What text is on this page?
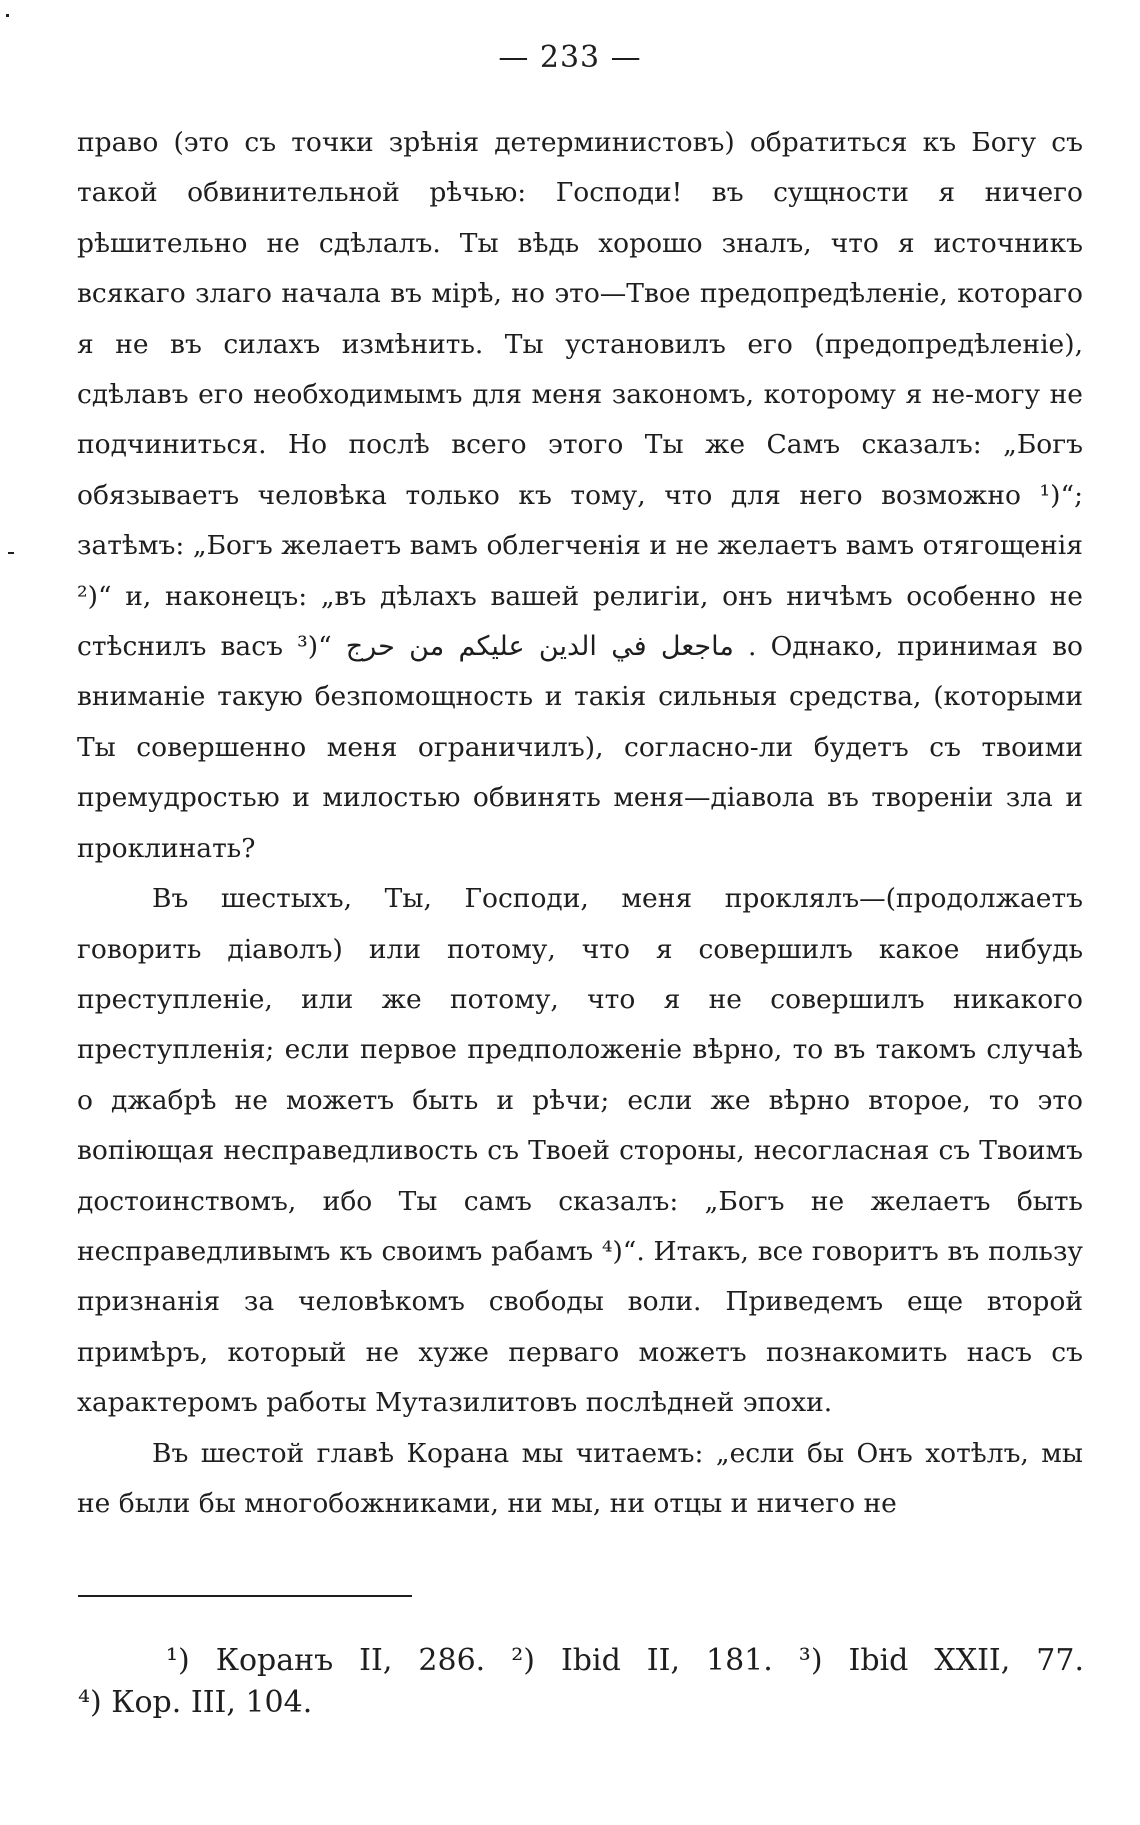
— 233 —

право (это съ точки зрѣнія детерминистовъ) обратиться къ Богу съ такой обвинительной рѣчью: Господи! въ сущности я ничего рѣшительно не сдѣлалъ. Ты вѣдь хорошо зналъ, что я источникъ всякаго злаго начала въ мірѣ, но это—Твое предопредѣленіе, котораго я не въ силахъ измѣнить. Ты установилъ его (предопредѣленіе), сдѣлавъ его необходимымъ для меня закономъ, которому я не-могу не подчиниться. Но послѣ всего этого Ты же Самъ сказалъ: „Богъ обязываетъ человѣка только къ тому, что для него возможно ¹)“; затѣмъ: „Богъ желаетъ вамъ облегченія и не желаетъ вамъ отягощенія ²)“ и, наконецъ: „въ дѣлахъ вашей религіи, онъ ничѣмъ особенно не стѣснилъ васъ ³)“ ماجعل في الدين عليكم من حرج . Однако, принимая во вниманіе такую безпомощность и такія сильныя средства, (которыми Ты совершенно меня ограничилъ), согласно-ли будетъ съ твоими премудростью и милостью обвинять меня—діавола въ твореніи зла и проклинать?

Въ шестыхъ, Ты, Господи, меня проклялъ—(продолжаетъ говорить діаволъ) или потому, что я совершилъ какое нибудь преступленіе, или же потому, что я не совершилъ никакого преступленія; если первое предположеніе вѣрно, то въ такомъ случаѣ о джабрѣ не можетъ быть и рѣчи; если же вѣрно второе, то это вопіющая несправедливость съ Твоей стороны, несогласная съ Твоимъ достоинствомъ, ибо Ты самъ сказалъ: „Богъ не желаетъ быть несправедливымъ къ своимъ рабамъ ⁴)“. Итакъ, все говоритъ въ пользу признанія за человѣкомъ свободы воли. Приведемъ еще второй примѣръ, который не хуже перваго можетъ познакомить насъ съ характеромъ работы Мутазилитовъ послѣдней эпохи.

Въ шестой главѣ Корана мы читаемъ: „если бы Онъ хотѣлъ, мы не были бы многобожниками, ни мы, ни отцы и ничего не

¹) Коранъ II, 286. ²) Ibid II, 181. ³) Ibid XXII, 77.
⁴) Кор. III, 104.
